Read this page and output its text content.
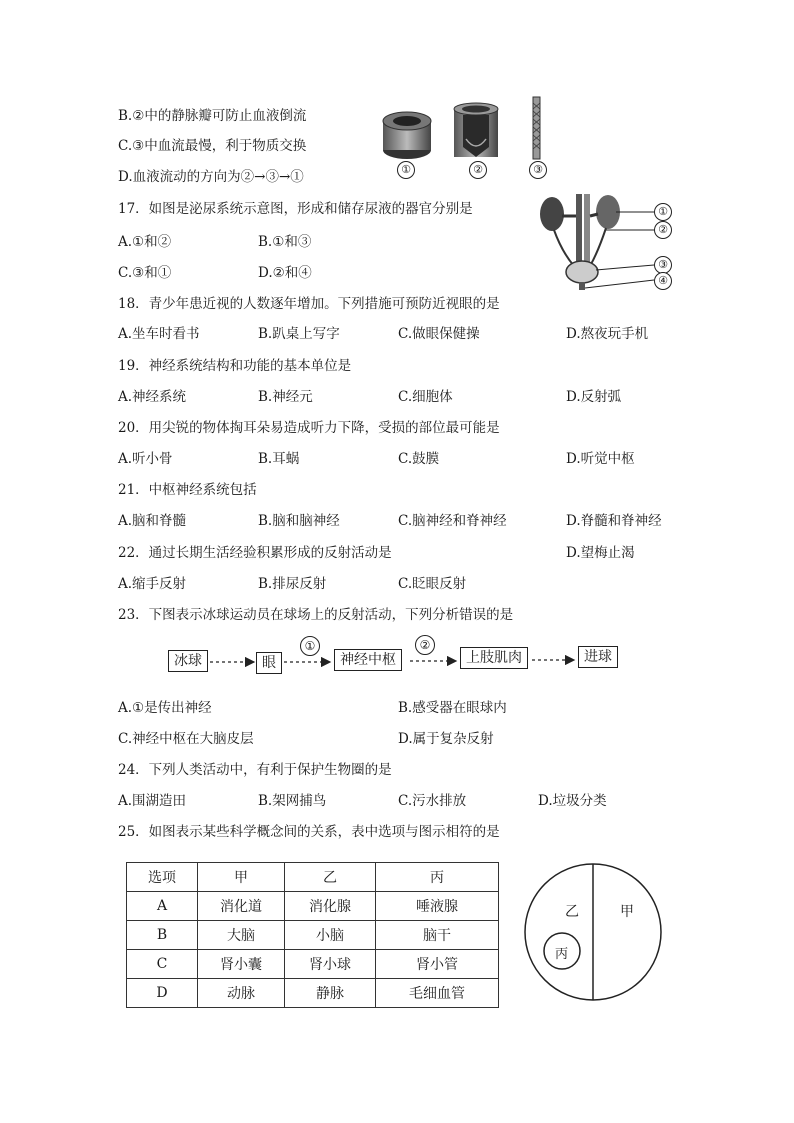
B.②中的静脉瓣可防止血液倒流
C.③中血流最慢，利于物质交换
D.血液流动的方向为②→③→①	①	②	③
17．如图是泌尿系统示意图，形成和储存尿液的器官分别是
A.①和②	B.①和③
C.③和①	D.②和④
①
②
③
④
18．青少年患近视的人数逐年增加。下列措施可预防近视眼的是
A.坐车时看书	B.趴桌上写字	C.做眼保健操	D.熬夜玩手机
19．神经系统结构和功能的基本单位是
A.神经系统	B.神经元	C.细胞体	D.反射弧
20．用尖锐的物体掏耳朵易造成听力下降，受损的部位最可能是
A.听小骨	B.耳蜗	C.鼓膜	D.听觉中枢
21．中枢神经系统包括
A.脑和脊髓	B.脑和脑神经	C.脑神经和脊神经	D.脊髓和脊神经
22．通过长期生活经验积累形成的反射活动是	D.望梅止渴
A.缩手反射	B.排尿反射	C.眨眼反射
23．下图表示冰球运动员在球场上的反射活动，下列分析错误的是
冰球	眼	神经中枢	上肢肌肉	进球
①	②
A.①是传出神经	B.感受器在眼球内
C.神经中枢在大脑皮层	D.属于复杂反射
24．下列人类活动中，有利于保护生物圈的是
A.围湖造田	B.架网捕鸟	C.污水排放	D.垃圾分类
25．如图表示某些科学概念间的关系，表中选项与图示相符的是
选项	甲	乙	丙
A	消化道	消化腺	唾液腺
B	大脑	小脑	脑干
C	肾小囊	肾小球	肾小管
D	动脉	静脉	毛细血管
乙	甲
丙
